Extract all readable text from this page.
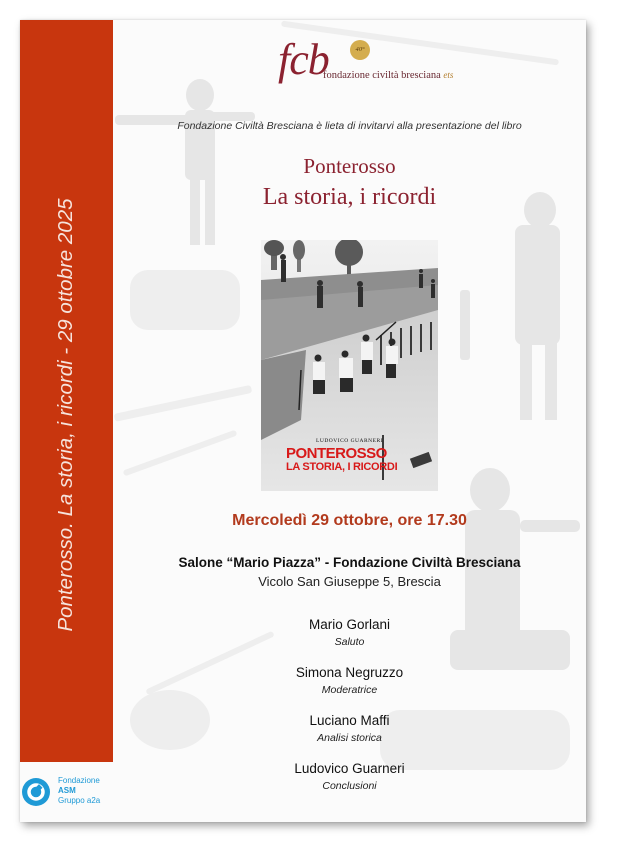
Ponterosso. La storia, i ricordi - 29 ottobre 2025
Fondazione
ASM
Gruppo a2a
fcb	40°
fondazione civiltà bresciana ets
Fondazione Civiltà Bresciana è lieta di invitarvi alla presentazione del libro
Ponterosso
La storia, i ricordi
LUDOVICO GUARNERI
PONTEROSSO
LA STORIA, I RICORDI
Mercoledì 29 ottobre, ore 17.30
Salone “Mario Piazza” - Fondazione Civiltà Bresciana
Vicolo San Giuseppe 5, Brescia
Mario Gorlani
Saluto
Simona Negruzzo
Moderatrice
Luciano Maffi
Analisi storica
Ludovico Guarneri
Conclusioni
